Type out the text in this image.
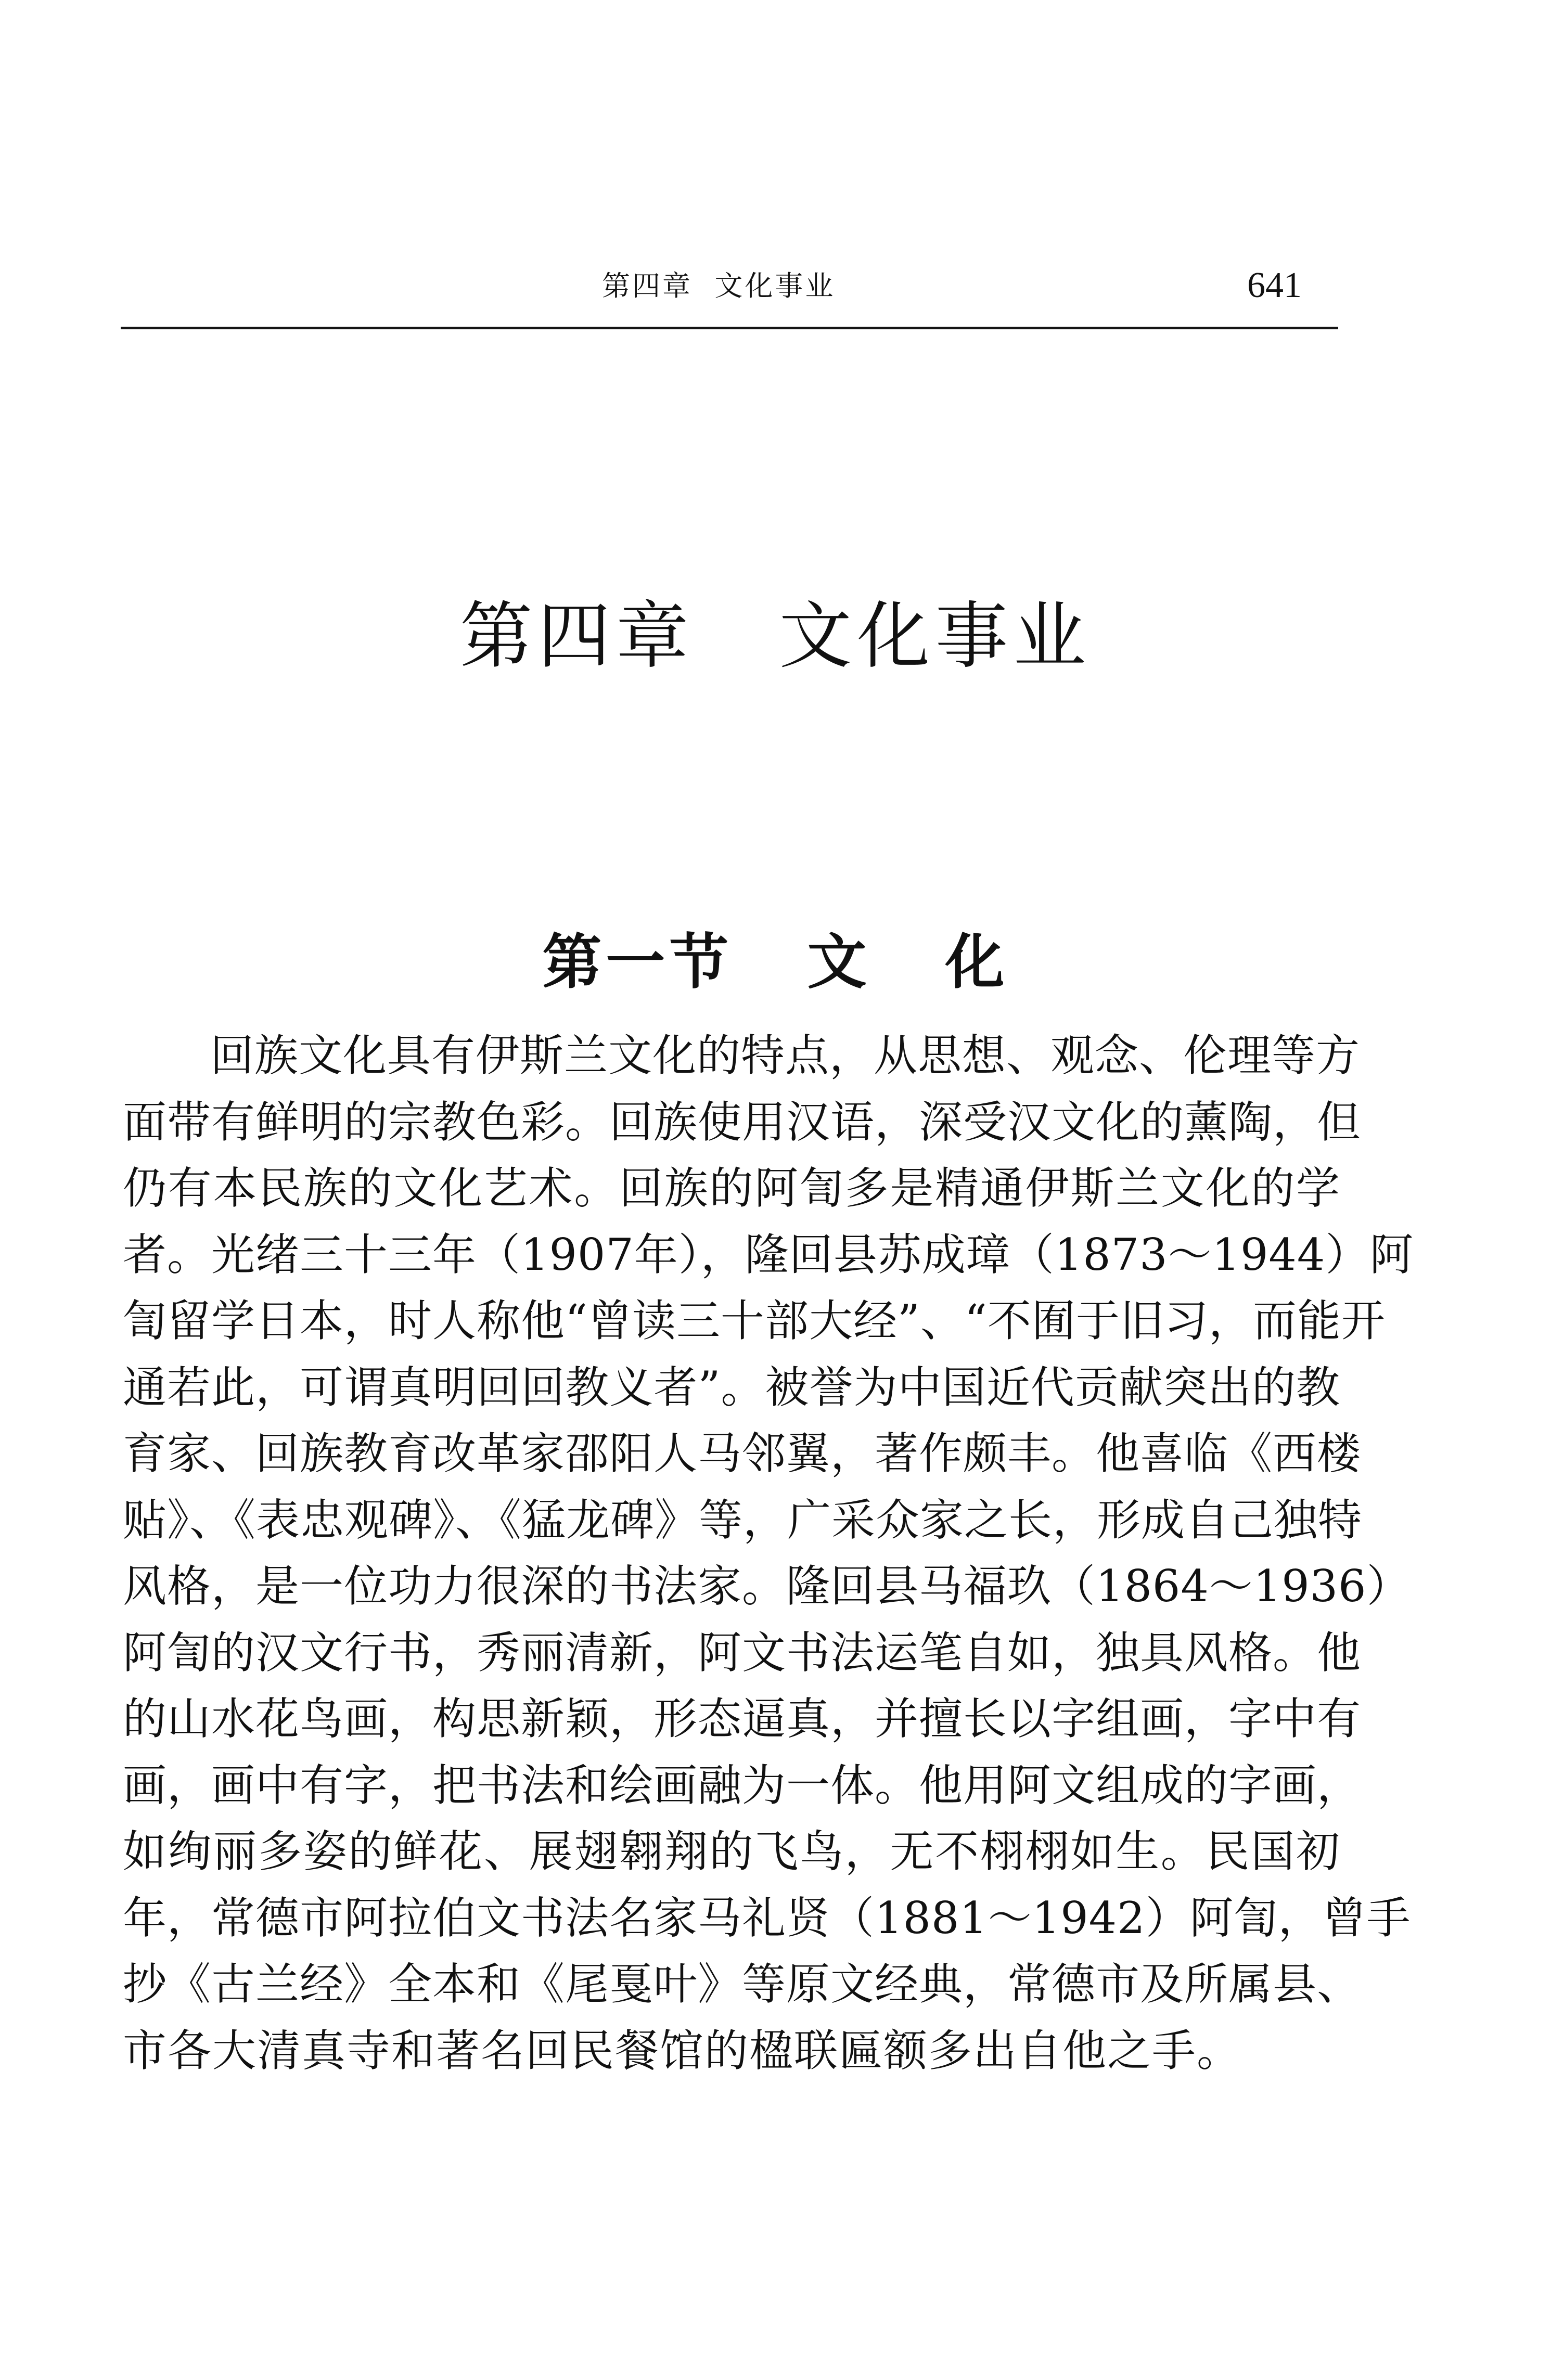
第四章  文化事业	641
第四章   文化事业
第一节   文   化
回族文化具有伊斯兰文化的特点，从思想、观念、伦理等方
面带有鲜明的宗教色彩。回族使用汉语，深受汉文化的薰陶，但
仍有本民族的文化艺术。回族的阿訇多是精通伊斯兰文化的学
者。光绪三十三年（1907年），隆回县苏成璋（1873～1944）阿
訇留学日本，时人称他“曾读三十部大经”、“不囿于旧习，而能开
通若此，可谓真明回回教义者”。被誉为中国近代贡献突出的教
育家、回族教育改革家邵阳人马邻翼，著作颇丰。他喜临《西楼
贴》、《表忠观碑》、《猛龙碑》等，广采众家之长，形成自己独特
风格，是一位功力很深的书法家。隆回县马福玖（1864～1936）
阿訇的汉文行书，秀丽清新，阿文书法运笔自如，独具风格。他
的山水花鸟画，构思新颖，形态逼真，并擅长以字组画，字中有
画，画中有字，把书法和绘画融为一体。他用阿文组成的字画，
如绚丽多姿的鲜花、展翅翱翔的飞鸟，无不栩栩如生。民国初
年，常德市阿拉伯文书法名家马礼贤（1881～1942）阿訇，曾手
抄《古兰经》全本和《尾戛叶》等原文经典，常德市及所属县、
市各大清真寺和著名回民餐馆的楹联匾额多出自他之手。
